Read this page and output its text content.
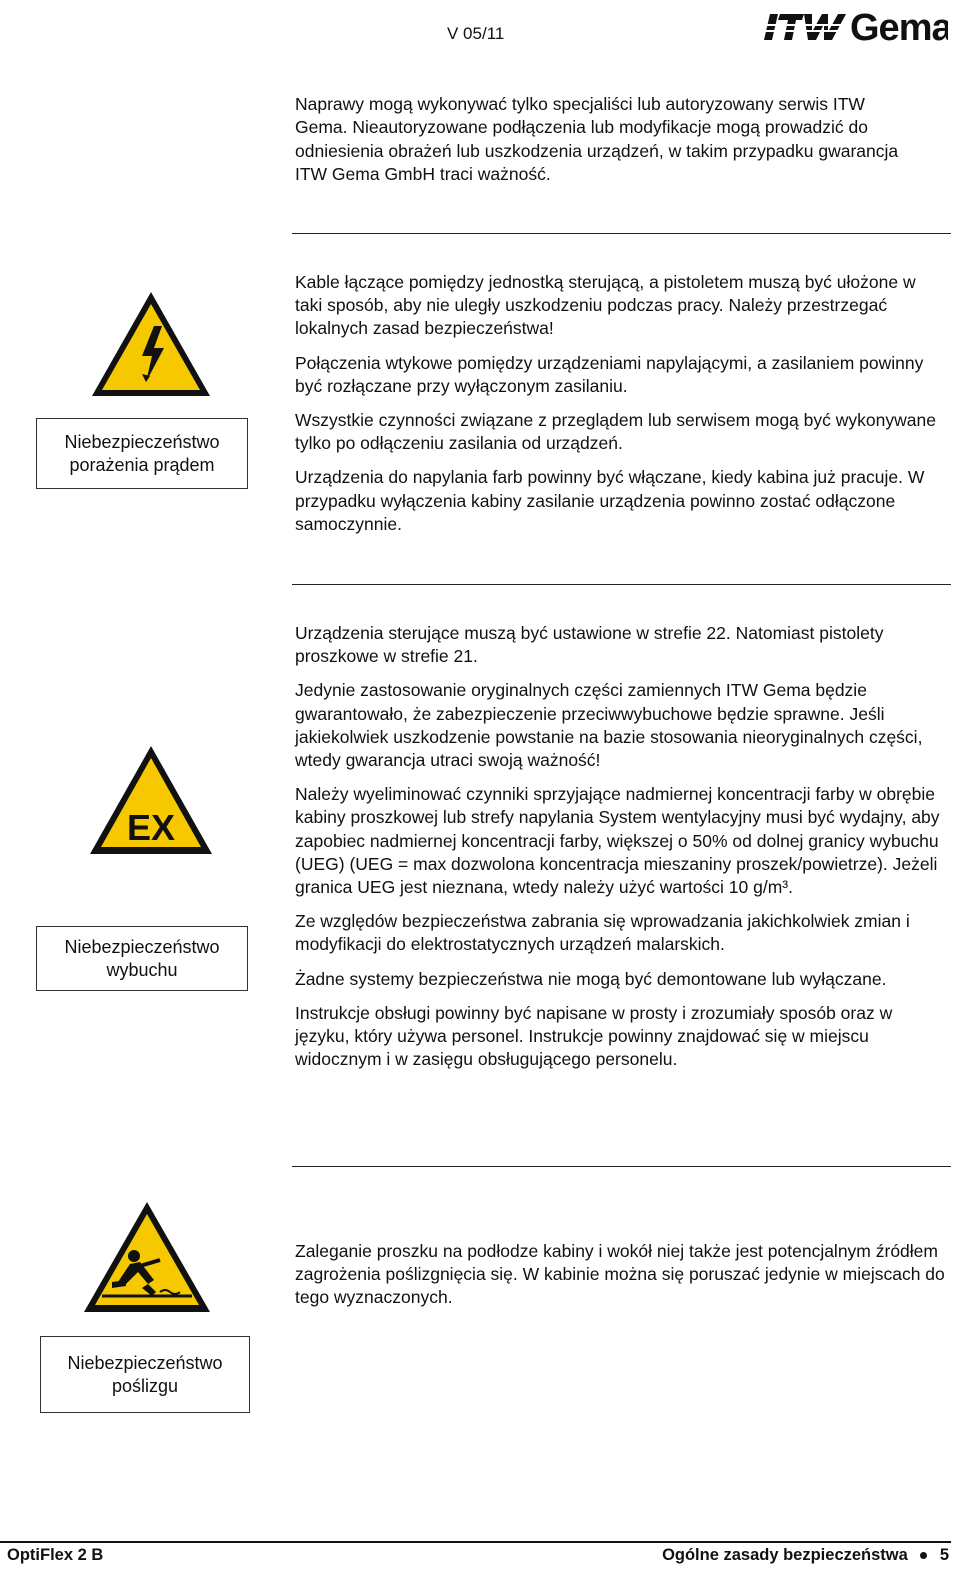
V 05/11	Gema
Naprawy mogą wykonywać tylko specjaliści lub autoryzowany serwis ITW Gema. Nieautoryzowane podłączenia lub modyfikacje mogą prowadzić do odniesienia obrażeń lub uszkodzenia urządzeń, w takim przypadku gwarancja ITW Gema GmbH traci ważność.
Niebezpieczeństwo
porażenia prądem

Kable łączące pomiędzy jednostką sterującą, a pistoletem muszą być ułożone w taki sposób, aby nie uległy uszkodzeniu podczas pracy. Należy przestrzegać lokalnych zasad bezpieczeństwa!

Połączenia wtykowe pomiędzy urządzeniami napylającymi, a zasilaniem powinny być rozłączane przy wyłączonym zasilaniu.

Wszystkie czynności związane z przeglądem lub serwisem mogą być wykonywane tylko po odłączeniu zasilania od urządzeń.

Urządzenia do napylania farb powinny być włączane, kiedy kabina już pracuje. W przypadku wyłączenia kabiny zasilanie urządzenia powinno zostać odłączone samoczynnie.

EX
Niebezpieczeństwo
wybuchu

Urządzenia sterujące muszą być ustawione w strefie 22. Natomiast pistolety proszkowe w strefie 21.

Jedynie zastosowanie oryginalnych części zamiennych ITW Gema będzie gwarantowało, że zabezpieczenie przeciwwybuchowe będzie sprawne. Jeśli jakiekolwiek uszkodzenie powstanie na bazie stosowania nieoryginalnych części, wtedy gwarancja utraci swoją ważność!

Należy wyeliminować czynniki sprzyjające nadmiernej koncentracji farby w obrębie kabiny proszkowej lub strefy napylania System wentylacyjny musi być wydajny, aby zapobiec nadmiernej koncentracji farby, większej o 50% od dolnej granicy wybuchu (UEG) (UEG = max dozwolona koncentracja mieszaniny proszek/powietrze). Jeżeli granica UEG jest nieznana, wtedy należy użyć wartości 10 g/m³.

Ze względów bezpieczeństwa zabrania się wprowadzania jakichkolwiek zmian i modyfikacji do elektrostatycznych urządzeń malarskich.

Żadne systemy bezpieczeństwa nie mogą być demontowane lub wyłączane.

Instrukcje obsługi powinny być napisane w prosty i zrozumiały sposób oraz w języku, który używa personel. Instrukcje powinny znajdować się w miejscu widocznym i w zasięgu obsługującego personelu.

Niebezpieczeństwo
poślizgu

Zaleganie proszku na podłodze kabiny i wokół niej także jest potencjalnym źródłem zagrożenia poślizgnięcia się. W kabinie można się poruszać jedynie w miejscach do tego wyznaczonych.

OptiFlex 2 B	Ogólne zasady bezpieczeństwa 5
